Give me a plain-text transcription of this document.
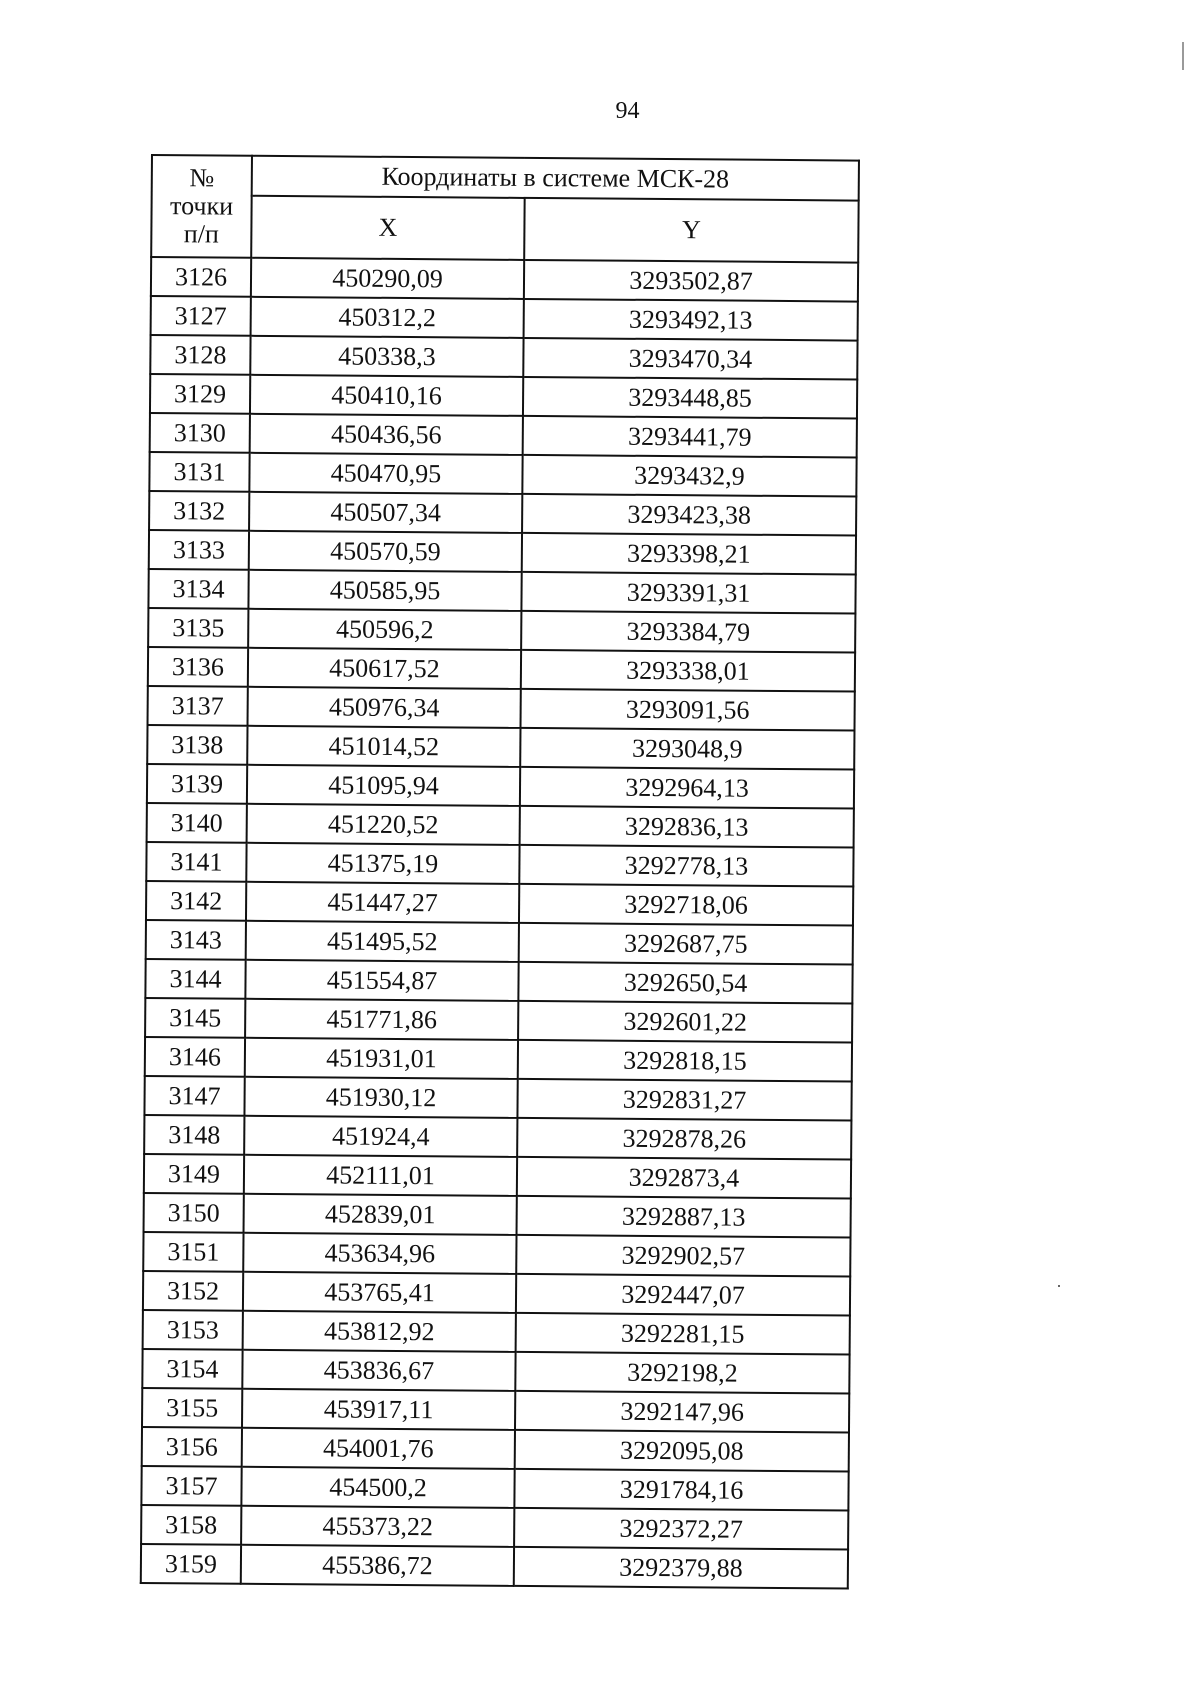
94
№
точки
п/п	Координаты в системе МСК-28	
	X	Y
3126	450290,09	3293502,87
3127	450312,2	3293492,13
3128	450338,3	3293470,34
3129	450410,16	3293448,85
3130	450436,56	3293441,79
3131	450470,95	3293432,9
3132	450507,34	3293423,38
3133	450570,59	3293398,21
3134	450585,95	3293391,31
3135	450596,2	3293384,79
3136	450617,52	3293338,01
3137	450976,34	3293091,56
3138	451014,52	3293048,9
3139	451095,94	3292964,13
3140	451220,52	3292836,13
3141	451375,19	3292778,13
3142	451447,27	3292718,06
3143	451495,52	3292687,75
3144	451554,87	3292650,54
3145	451771,86	3292601,22
3146	451931,01	3292818,15
3147	451930,12	3292831,27
3148	451924,4	3292878,26
3149	452111,01	3292873,4
3150	452839,01	3292887,13
3151	453634,96	3292902,57
3152	453765,41	3292447,07
3153	453812,92	3292281,15
3154	453836,67	3292198,2
3155	453917,11	3292147,96
3156	454001,76	3292095,08
3157	454500,2	3291784,16
3158	455373,22	3292372,27
3159	455386,72	3292379,88
